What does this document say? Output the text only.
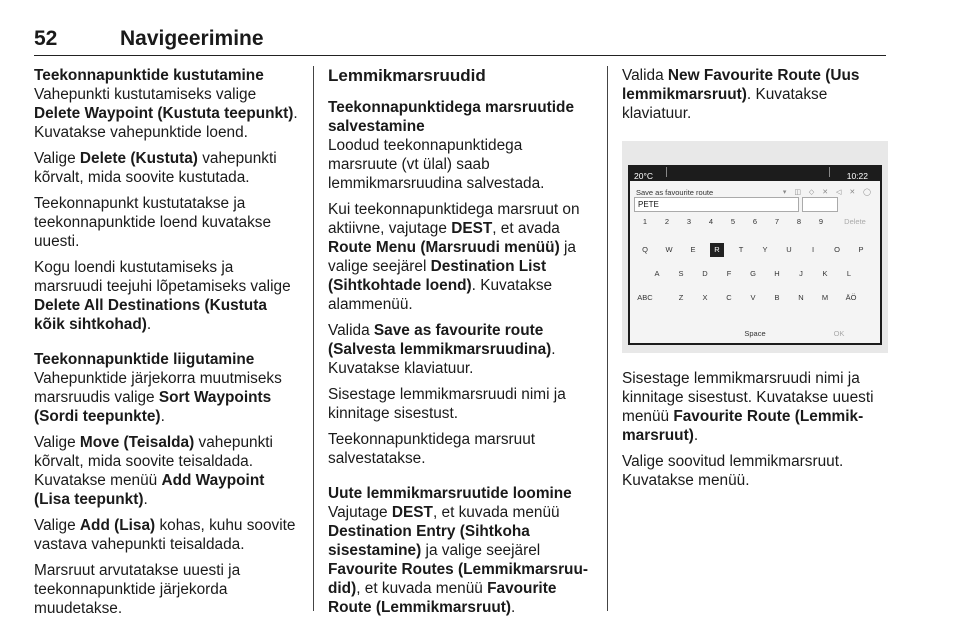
52	Navigeerimine
Teekonnapunktide kustutamine

Vahepunkti kustutamiseks valige Delete Waypoint (Kustuta teepunkt). Kuvatakse vahepunktide loend.

Valige Delete (Kustuta) vahepunkti kõrvalt, mida soovite kustutada.

Teekonnapunkt kustutatakse ja teekonnapunktide loend kuvatakse uuesti.

Kogu loendi kustutamiseks ja marsruudi teejuhi lõpetamiseks valige Delete All Destinations (Kustuta kõik sihtkohad).

Teekonnapunktide liigutamine

Vahepunktide järjekorra muutmiseks marsruudis valige Sort Waypoints (Sordi teepunkte).

Valige Move (Teisalda) vahepunkti kõrvalt, mida soovite teisaldada. Kuvatakse menüü Add Waypoint (Lisa teepunkt).

Valige Add (Lisa) kohas, kuhu soovite vastava vahepunkti teisaldada.

Marsruut arvutatakse uuesti ja teekonnapunktide järjekorda muudetakse.

Lemmikmarsruudid
Teekonnapunktidega marsruutide salvestamine

Loodud teekonnapunktidega marsruute (vt ülal) saab lemmikmarsruudina salvestada.

Kui teekonnapunktidega marsruut on aktiivne, vajutage DEST, et avada Route Menu (Marsruudi menüü) ja valige seejärel Destination List (Sihtkohtade loend). Kuvatakse alammenüü.

Valida Save as favourite route (Salvesta lemmikmarsruudina). Kuvatakse klaviatuur.

Sisestage lemmikmarsruudi nimi ja kinnitage sisestust.

Teekonnapunktidega marsruut salvestatakse.

Uute lemmikmarsruutide loomine

Vajutage DEST, et kuvada menüü Destination Entry (Sihtkoha sisestamine) ja valige seejärel Favourite Routes (Lemmikmarsruudid), et kuvada menüü Favourite Route (Lemmikmarsruut).

Valida New Favourite Route (Uus lemmikmarsruut). Kuvatakse klaviatuur.

20°C	10:22
Save as favourite route	▾ ◫ ◇ ✕ ◁ ✕ ◯
PETE
1	2	3	4	5	6	7	8	9	Delete
Q	W	E	R	T	Y	U	I	O	P
A	S	D	F	G	H	J	K	L
ABC	Z	X	C	V	B	N	M	ÄÖ
Space	OK

Sisestage lemmikmarsruudi nimi ja kinnitage sisestust. Kuvatakse uuesti menüü Favourite Route (Lemmikmarsruut).

Valige soovitud lemmikmarsruut. Kuvatakse menüü.
